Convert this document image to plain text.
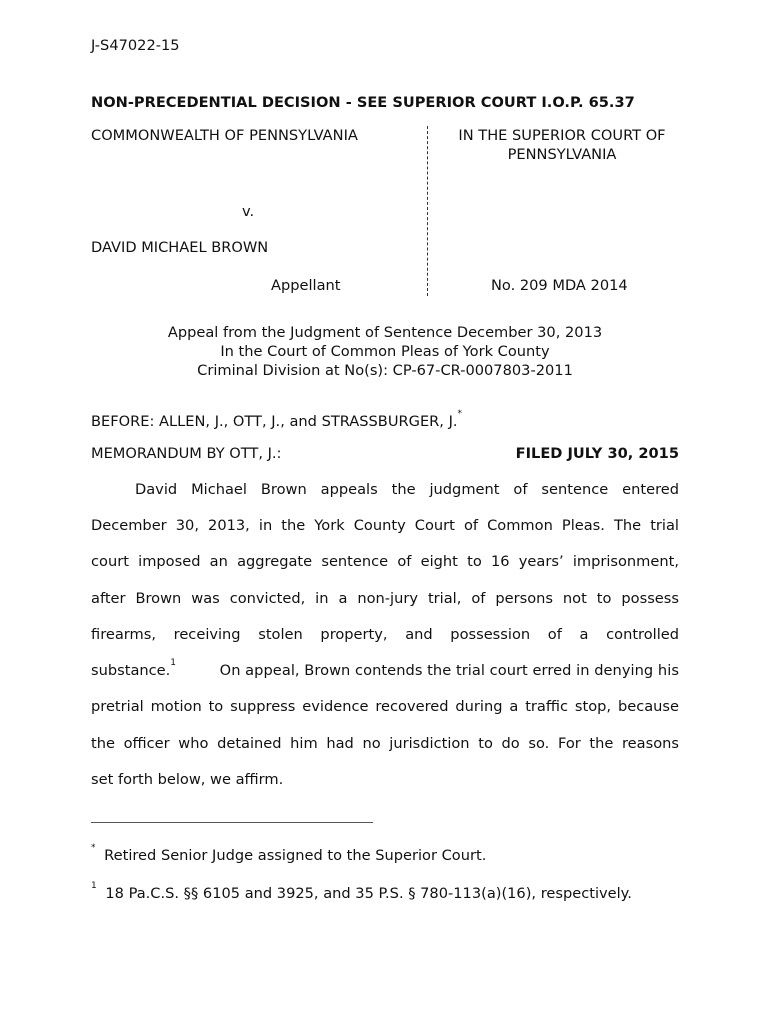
J-S47022-15
NON-PRECEDENTIAL DECISION - SEE SUPERIOR COURT I.O.P. 65.37
COMMONWEALTH OF PENNSYLVANIA	IN THE SUPERIOR COURT OF
PENNSYLVANIA
v.
DAVID MICHAEL BROWN
Appellant	No. 209 MDA 2014
Appeal from the Judgment of Sentence December 30, 2013
In the Court of Common Pleas of York County
Criminal Division at No(s): CP-67-CR-0007803-2011
BEFORE: ALLEN, J., OTT, J., and STRASSBURGER, J.*
MEMORANDUM BY OTT, J.:	FILED JULY 30, 2015
David Michael Brown appeals the judgment of sentence entered
December 30, 2013, in the York County Court of Common Pleas. The trial
court imposed an aggregate sentence of eight to 16 years’ imprisonment,
after Brown was convicted, in a non-jury trial, of persons not to possess
firearms, receiving stolen property, and possession of a controlled
substance.$^1$	On appeal, Brown contends the trial court erred in denying his
pretrial motion to suppress evidence recovered during a traffic stop, because
the officer who detained him had no jurisdiction to do so. For the reasons
set forth below, we affirm.
* Retired Senior Judge assigned to the Superior Court.
$^1$ 18 Pa.C.S. §§ 6105 and 3925, and 35 P.S. § 780-113(a)(16), respectively.
